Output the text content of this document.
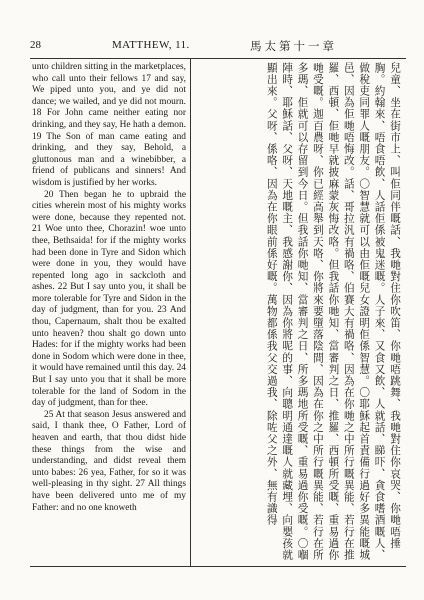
28	MATTHEW, 11.	馬太第十一章

unto children sitting in the marketplaces, who call unto their fellows 17 and say, We piped unto you, and ye did not dance; we wailed, and ye did not mourn. 18 For John came neither eating nor drinking, and they say, He hath a demon. 19 The Son of man came eating and drinking, and they say, Behold, a gluttonous man and a winebibber, a friend of publicans and sinners! And wisdom is justified by her works.

20 Then began he to upbraid the cities wherein most of his mighty works were done, because they repented not. 21 Woe unto thee, Chorazin! woe unto thee, Bethsaida! for if the mighty works had been done in Tyre and Sidon which were done in you, they would have repented long ago in sackcloth and ashes. 22 But I say unto you, it shall be more tolerable for Tyre and Sidon in the day of judgment, than for you. 23 And thou, Capernaum, shalt thou be exalted unto heaven? thou shalt go down unto Hades: for if the mighty works had been done in Sodom which were done in thee, it would have remained until this day. 24 But I say unto you that it shall be more tolerable for the land of Sodom in the day of judgment, than for thee.

25 At that season Jesus answered and said, I thank thee, O Father, Lord of heaven and earth, that thou didst hide these things from the wise and understanding, and didst reveal them unto babes: 26 yea, Father, for so it was well-pleasing in thy sight. 27 All things have been delivered unto me of my Father: and no one knoweth	兒童、坐在街市上、叫佢同伴嘅話、我哋對住你吹笛、你哋唔跳舞、我哋對住你哀哭、你哋唔捶胸。約翰來、唔食唔飲、人話佢係被鬼迷嘅。人子來、又食又飲、人就話、睇吓、貪食嗜酒嘅人、做稅吏同罪人嘅朋友。〇智慧就可以由佢嘅兒女證明佢係智慧。〇耶穌起首責備行過好多異能嘅城邑、因為佢哋唔悔改。話、哥拉汎有禍咯、伯賽大有禍咯、因為在你哋之中所行嘅異能、若行在推羅、西頓、佢哋早就披麻蒙灰悔改咯。但我話你哋知、當審判之日、推羅、西頓所受嘅、重易過你哋受嘅。迦百農呀、你已經高舉到天咯、你將來要墮落陰間、因為在你之中所行嘅異能、若行在所多瑪、佢就可以存留到今日。但我話你哋知、當審判之日、所多瑪地所受嘅、重易過你受嘅。〇嗰陣時、耶穌話、父呀、天地嘅主、我感謝你、因為你將呢的事、向聰明通達嘅人就藏埋、向嬰孩就顯出來。父呀、係咯、因為在你眼前係好嘅。萬物都係我父交過我、除咗父之外、無有識得
